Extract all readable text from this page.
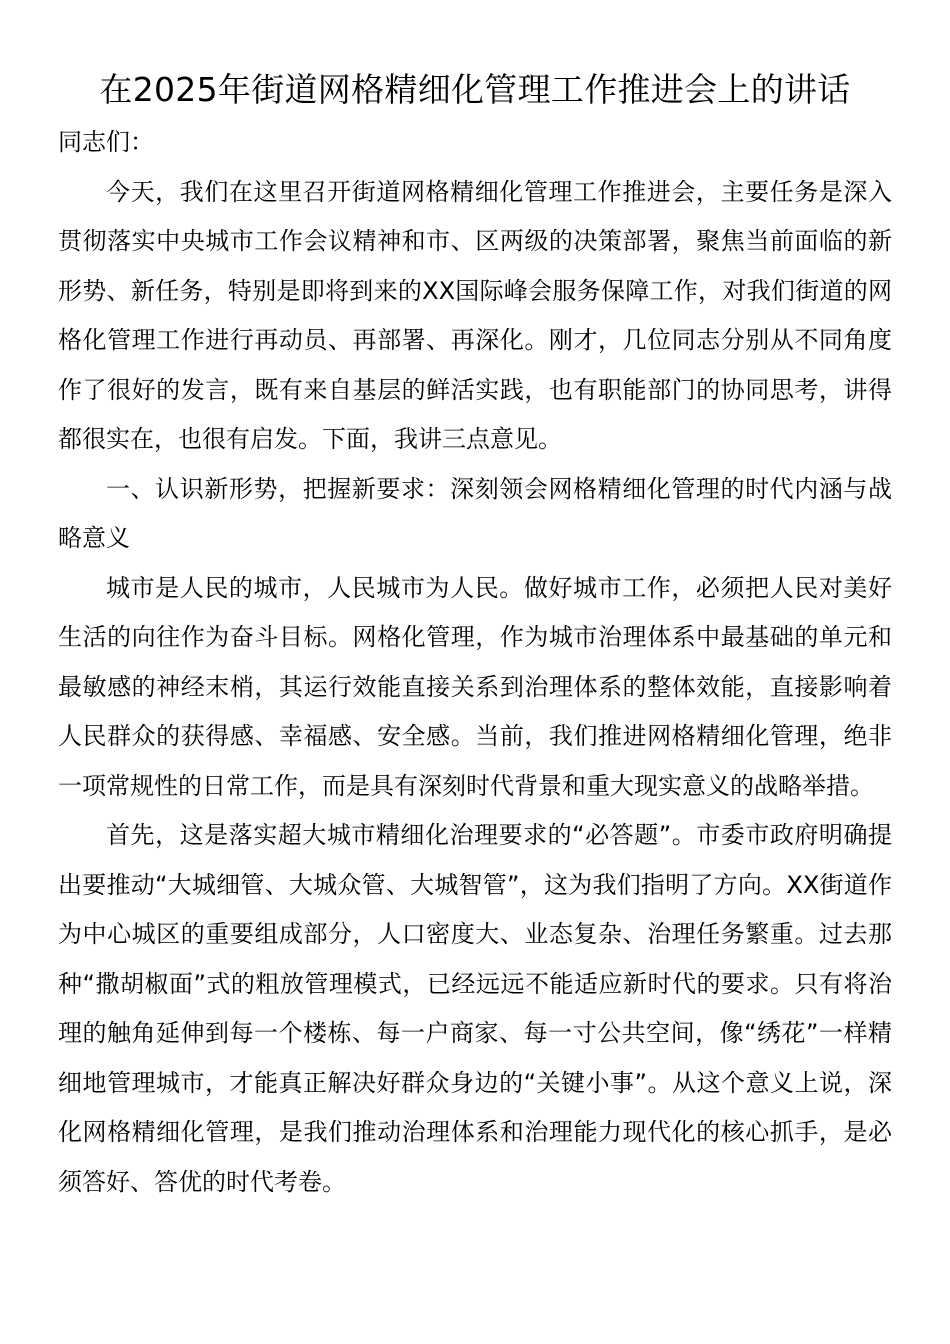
在2025年街道网格精细化管理工作推进会上的讲话

同志们：

今天，我们在这里召开街道网格精细化管理工作推进会，主要任务是深入贯彻落实中央城市工作会议精神和市、区两级的决策部署，聚焦当前面临的新形势、新任务，特别是即将到来的XX国际峰会服务保障工作，对我们街道的网格化管理工作进行再动员、再部署、再深化。刚才，几位同志分别从不同角度作了很好的发言，既有来自基层的鲜活实践，也有职能部门的协同思考，讲得都很实在，也很有启发。下面，我讲三点意见。

一、认识新形势，把握新要求：深刻领会网格精细化管理的时代内涵与战略意义

城市是人民的城市，人民城市为人民。做好城市工作，必须把人民对美好生活的向往作为奋斗目标。网格化管理，作为城市治理体系中最基础的单元和最敏感的神经末梢，其运行效能直接关系到治理体系的整体效能，直接影响着人民群众的获得感、幸福感、安全感。当前，我们推进网格精细化管理，绝非一项常规性的日常工作，而是具有深刻时代背景和重大现实意义的战略举措。

首先，这是落实超大城市精细化治理要求的“必答题”。市委市政府明确提出要推动“大城细管、大城众管、大城智管”，这为我们指明了方向。XX街道作为中心城区的重要组成部分，人口密度大、业态复杂、治理任务繁重。过去那种“撒胡椒面”式的粗放管理模式，已经远远不能适应新时代的要求。只有将治理的触角延伸到每一个楼栋、每一户商家、每一寸公共空间，像“绣花”一样精细地管理城市，才能真正解决好群众身边的“关键小事”。从这个意义上说，深化网格精细化管理，是我们推动治理体系和治理能力现代化的核心抓手，是必须答好、答优的时代考卷。
